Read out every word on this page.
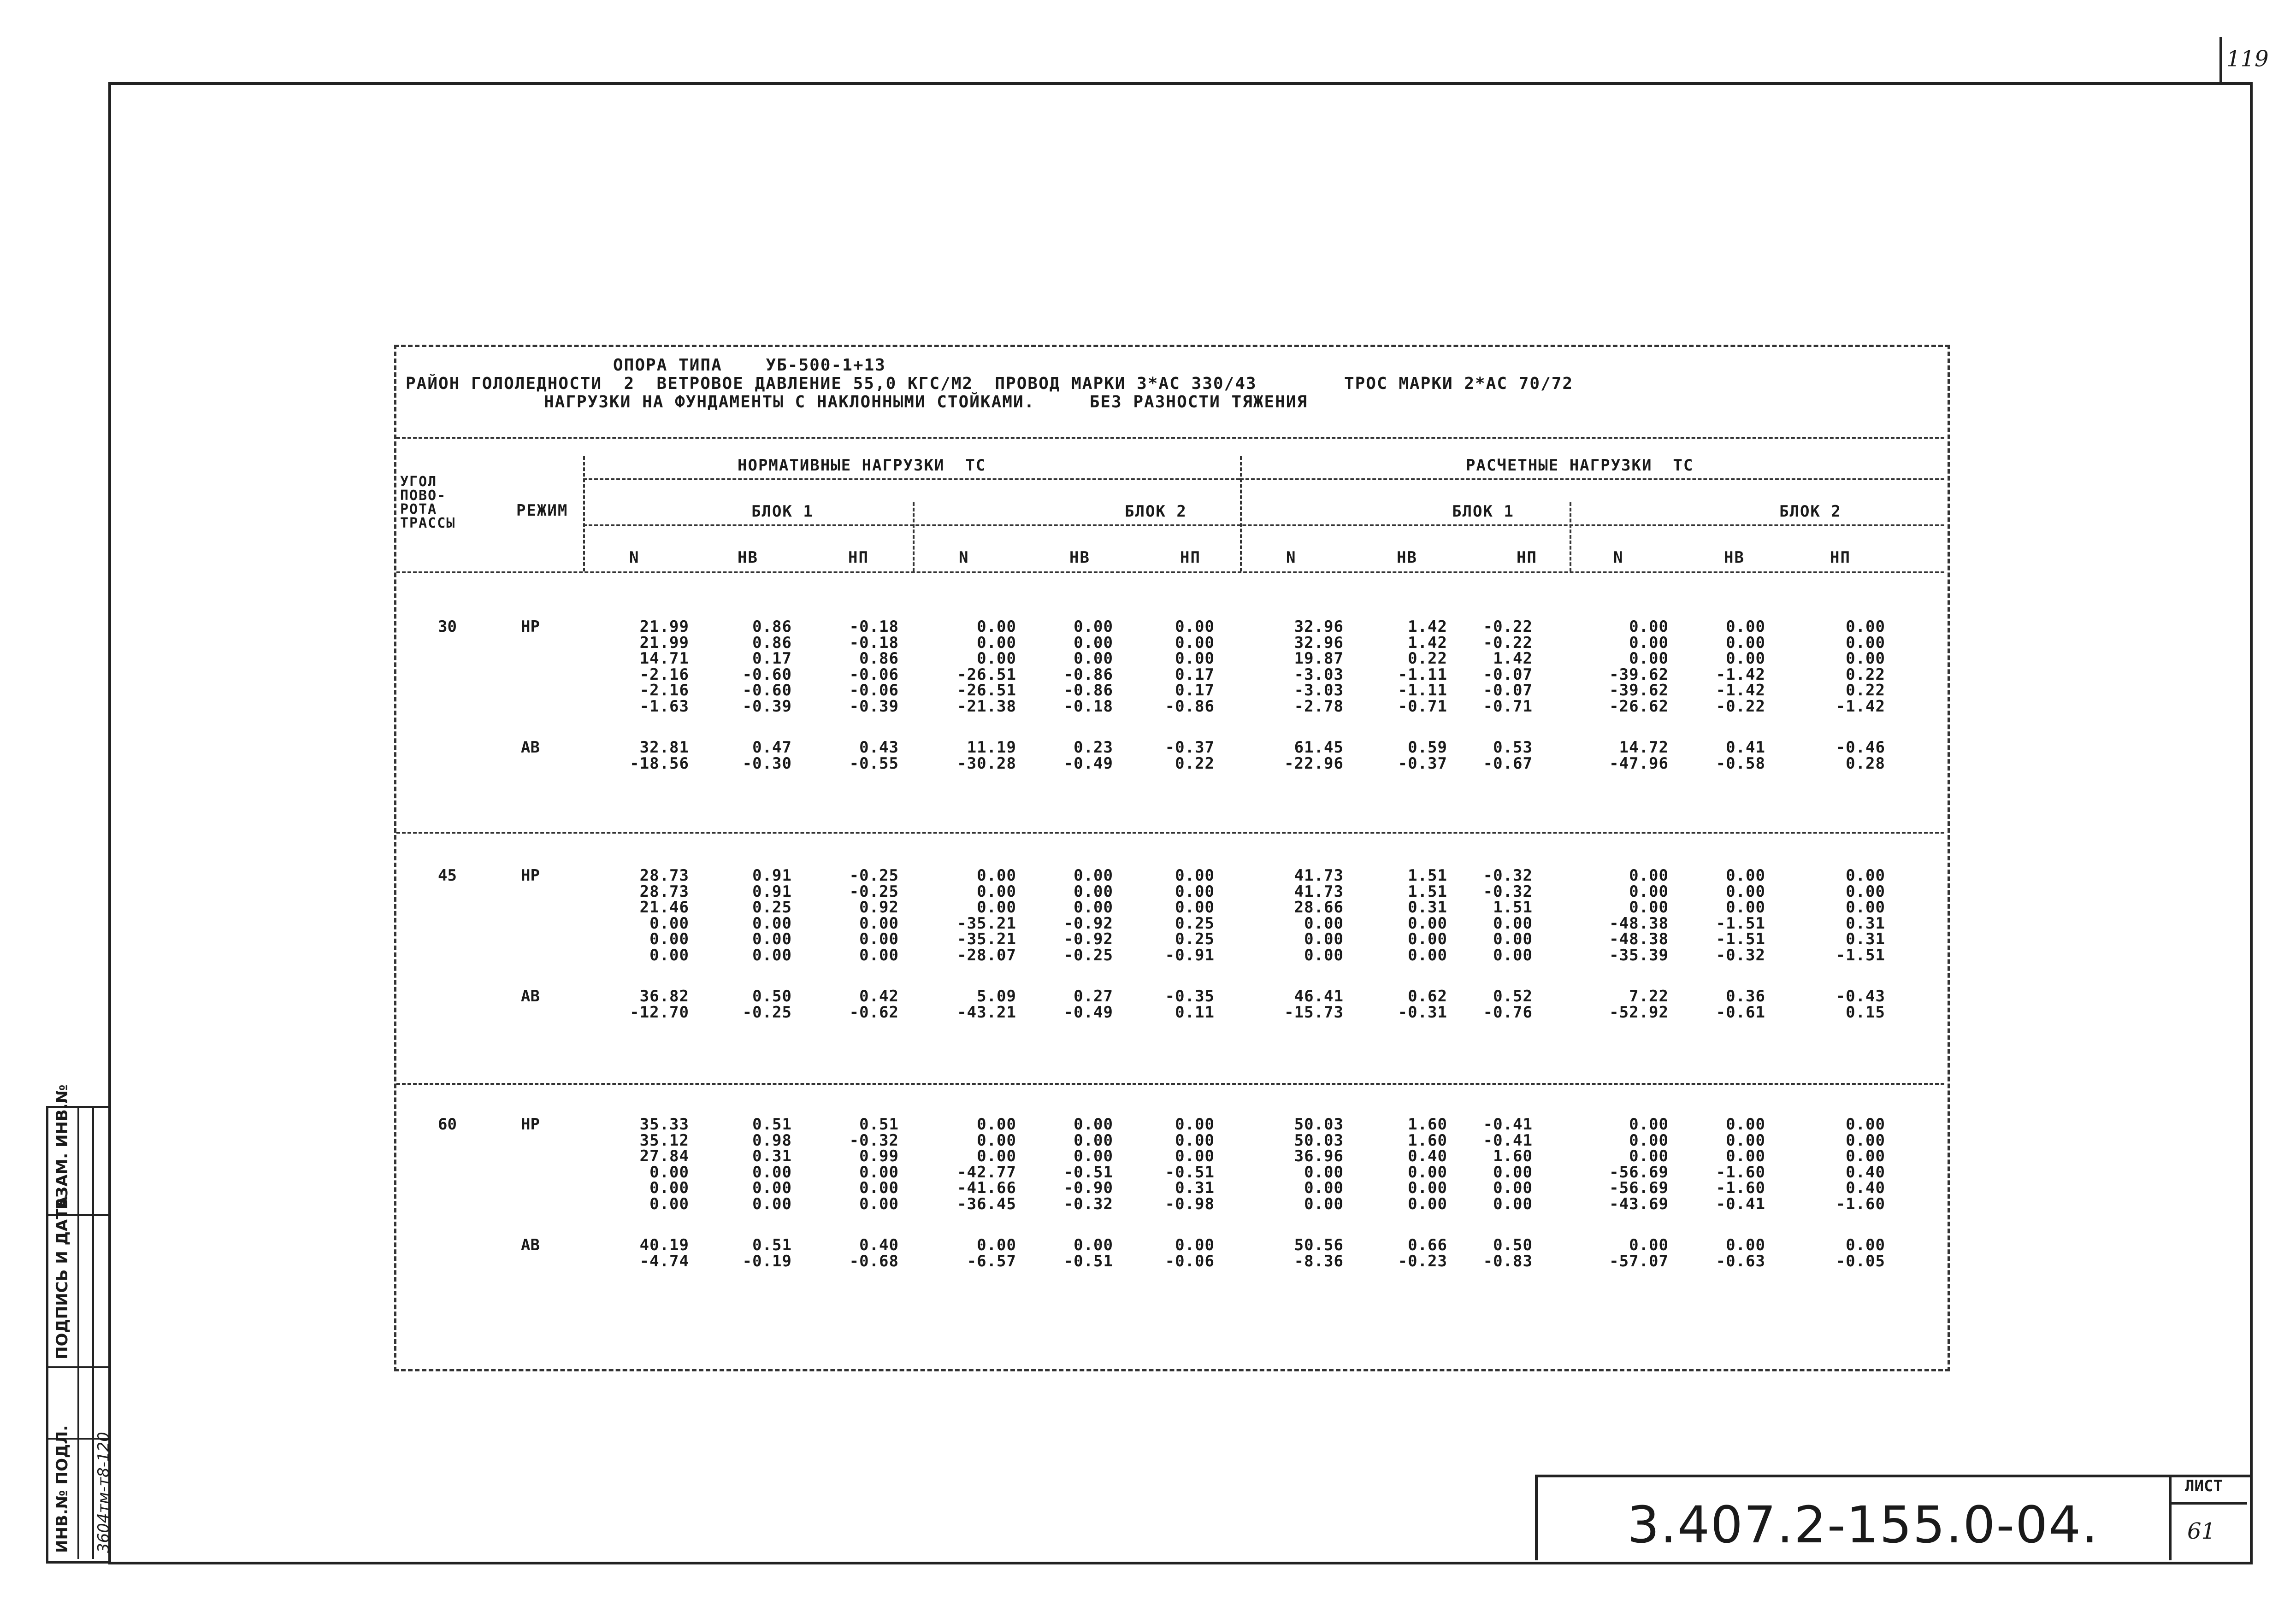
119
ОПОРА ТИПА    УБ-500-1+13
РАЙОН ГОЛОЛЕДНОСТИ  2  ВЕТРОВОЕ ДАВЛЕНИЕ 55,0 КГС/М2  ПРОВОД МАРКИ 3*АС 330/43        ТРОС МАРКИ 2*АС 70/72
НАГРУЗКИ НА ФУНДАМЕНТЫ С НАКЛОННЫМИ СТОЙКАМИ.     БЕЗ РАЗНОСТИ ТЯЖЕНИЯ
УГОЛ
ПОВО-
РОТА
ТРАССЫ
РЕЖИМ
НОРМАТИВНЫЕ НАГРУЗКИ  ТС	РАСЧЕТНЫЕ НАГРУЗКИ  ТС
БЛОК 1	БЛОК 2	БЛОК 1	БЛОК 2
N	HB	HП	N	HB	HП	N	HB	HП	N	HB	HП
30	НР	21.99	0.86	-0.18	0.00	0.00	0.00	32.96	1.42	-0.22	0.00	0.00	0.00
21.99	0.86	-0.18	0.00	0.00	0.00	32.96	1.42	-0.22	0.00	0.00	0.00
14.71	0.17	0.86	0.00	0.00	0.00	19.87	0.22	1.42	0.00	0.00	0.00
-2.16	-0.60	-0.06	-26.51	-0.86	0.17	-3.03	-1.11	-0.07	-39.62	-1.42	0.22
-2.16	-0.60	-0.06	-26.51	-0.86	0.17	-3.03	-1.11	-0.07	-39.62	-1.42	0.22
-1.63	-0.39	-0.39	-21.38	-0.18	-0.86	-2.78	-0.71	-0.71	-26.62	-0.22	-1.42
АВ	32.81	0.47	0.43	11.19	0.23	-0.37	61.45	0.59	0.53	14.72	0.41	-0.46
-18.56	-0.30	-0.55	-30.28	-0.49	0.22	-22.96	-0.37	-0.67	-47.96	-0.58	0.28
45	НР	28.73	0.91	-0.25	0.00	0.00	0.00	41.73	1.51	-0.32	0.00	0.00	0.00
28.73	0.91	-0.25	0.00	0.00	0.00	41.73	1.51	-0.32	0.00	0.00	0.00
21.46	0.25	0.92	0.00	0.00	0.00	28.66	0.31	1.51	0.00	0.00	0.00
0.00	0.00	0.00	-35.21	-0.92	0.25	0.00	0.00	0.00	-48.38	-1.51	0.31
0.00	0.00	0.00	-35.21	-0.92	0.25	0.00	0.00	0.00	-48.38	-1.51	0.31
0.00	0.00	0.00	-28.07	-0.25	-0.91	0.00	0.00	0.00	-35.39	-0.32	-1.51
АВ	36.82	0.50	0.42	5.09	0.27	-0.35	46.41	0.62	0.52	7.22	0.36	-0.43
-12.70	-0.25	-0.62	-43.21	-0.49	0.11	-15.73	-0.31	-0.76	-52.92	-0.61	0.15
60	НР	35.33	0.51	0.51	0.00	0.00	0.00	50.03	1.60	-0.41	0.00	0.00	0.00
35.12	0.98	-0.32	0.00	0.00	0.00	50.03	1.60	-0.41	0.00	0.00	0.00
27.84	0.31	0.99	0.00	0.00	0.00	36.96	0.40	1.60	0.00	0.00	0.00
0.00	0.00	0.00	-42.77	-0.51	-0.51	0.00	0.00	0.00	-56.69	-1.60	0.40
0.00	0.00	0.00	-41.66	-0.90	0.31	0.00	0.00	0.00	-56.69	-1.60	0.40
0.00	0.00	0.00	-36.45	-0.32	-0.98	0.00	0.00	0.00	-43.69	-0.41	-1.60
АВ	40.19	0.51	0.40	0.00	0.00	0.00	50.56	0.66	0.50	0.00	0.00	0.00
-4.74	-0.19	-0.68	-6.57	-0.51	-0.06	-8.36	-0.23	-0.83	-57.07	-0.63	-0.05
3.407.2-155.0-04.
ЛИСТ
61
ВЗАМ. ИНВ.№
ПОДПИСЬ И ДАТА
ИНВ.№ ПОДЛ. 3604тм-т8-120
